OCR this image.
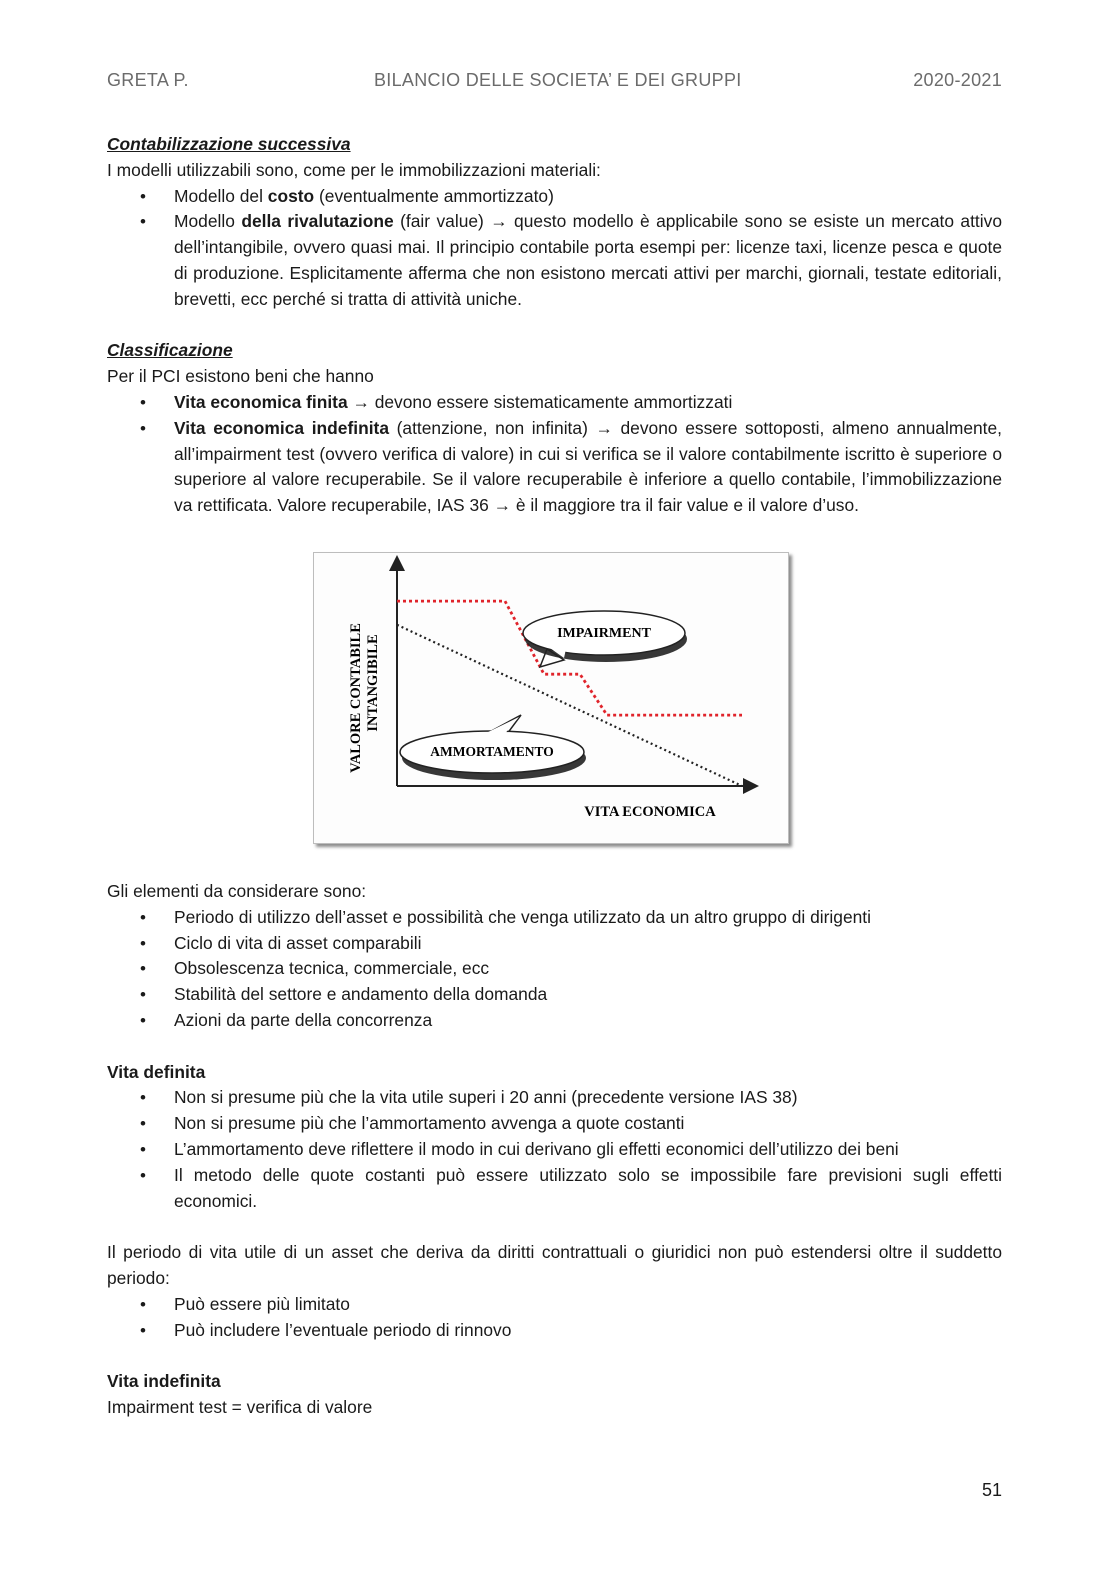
GRETA P.	BILANCIO DELLE SOCIETA’ E DEI GRUPPI	2020-2021

Contabilizzazione successiva

I modelli utilizzabili sono, come per le immobilizzazioni materiali:

• Modello del costo (eventualmente ammortizzato)
• Modello della rivalutazione (fair value) → questo modello è applicabile sono se esiste un mercato attivo dell’intangibile, ovvero quasi mai. Il principio contabile porta esempi per: licenze taxi, licenze pesca e quote di produzione. Esplicitamente afferma che non esistono mercati attivi per marchi, giornali, testate editoriali, brevetti, ecc perché si tratta di attività uniche.

Classificazione

Per il PCI esistono beni che hanno

• Vita economica finita → devono essere sistematicamente ammortizzati
• Vita economica indefinita (attenzione, non infinita) → devono essere sottoposti, almeno annualmente, all’impairment test (ovvero verifica di valore) in cui si verifica se il valore contabilmente iscritto è superiore o superiore al valore recuperabile. Se il valore recuperabile è inferiore a quello contabile, l’immobilizzazione va rettificata. Valore recuperabile, IAS 36 → è il maggiore tra il fair value e il valore d’uso.
IMPAIRMENT
AMMORTAMENTO
VALORE CONTABILE INTANGIBILE
VITA ECONOMICA

Gli elementi da considerare sono:

• Periodo di utilizzo dell’asset e possibilità che venga utilizzato da un altro gruppo di dirigenti
• Ciclo di vita di asset comparabili
• Obsolescenza tecnica, commerciale, ecc
• Stabilità del settore e andamento della domanda
• Azioni da parte della concorrenza

Vita definita

• Non si presume più che la vita utile superi i 20 anni (precedente versione IAS 38)
• Non si presume più che l’ammortamento avvenga a quote costanti
• L’ammortamento deve riflettere il modo in cui derivano gli effetti economici dell’utilizzo dei beni
• Il metodo delle quote costanti può essere utilizzato solo se impossibile fare previsioni sugli effetti economici.

Il periodo di vita utile di un asset che deriva da diritti contrattuali o giuridici non può estendersi oltre il suddetto periodo:

• Può essere più limitato
• Può includere l’eventuale periodo di rinnovo

Vita indefinita

Impairment test = verifica di valore

51
